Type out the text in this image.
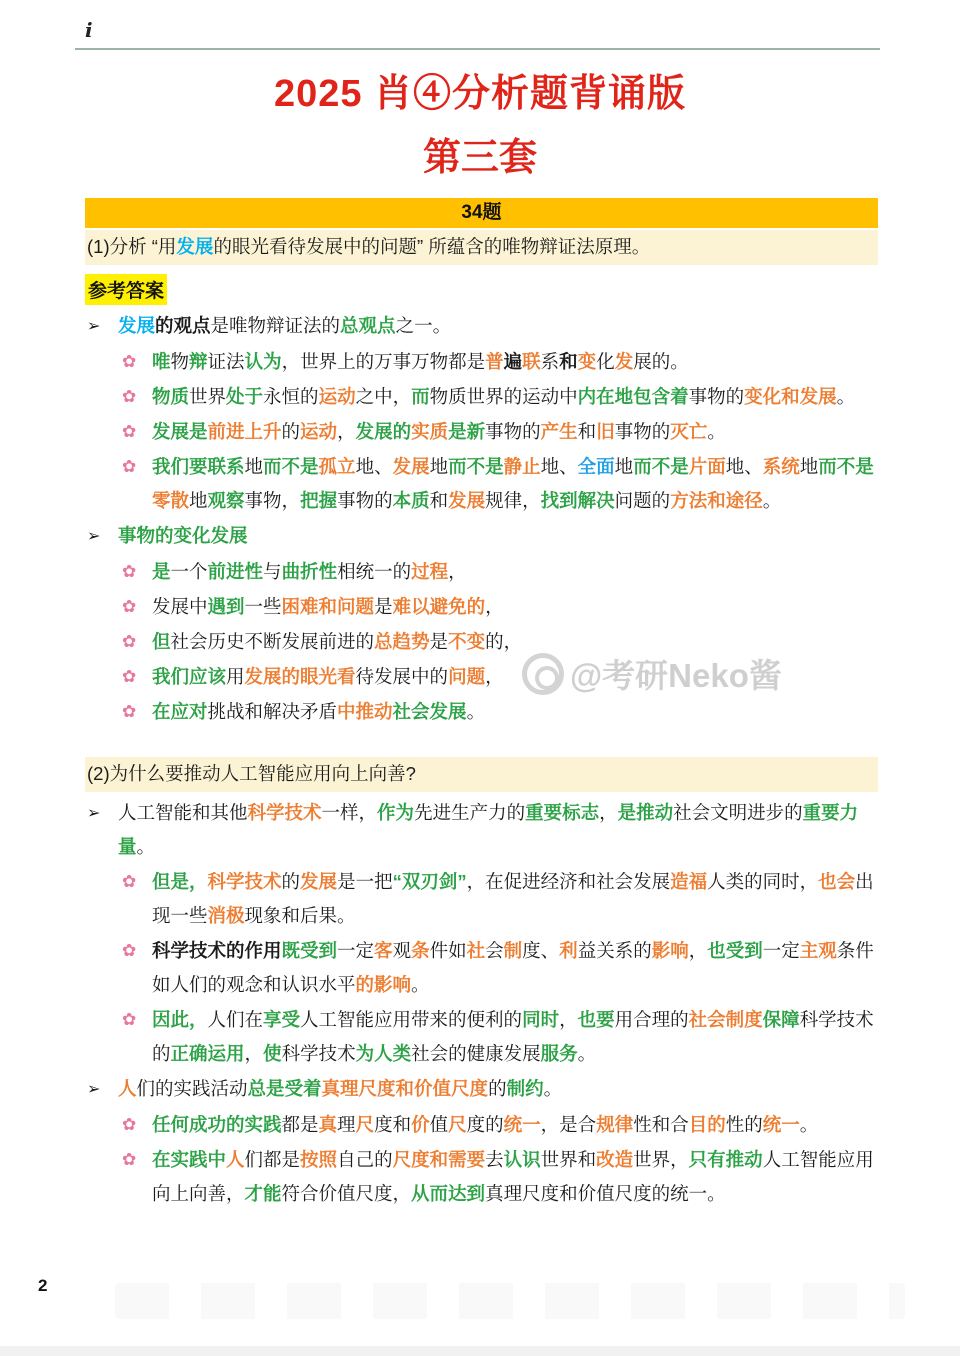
i
2025 肖④分析题背诵版
第三套
34题
(1)分析 “用发展的眼光看待发展中的问题” 所蕴含的唯物辩证法原理。
参考答案
➢ 发展的观点是唯物辩证法的总观点之一。
✿ 唯物辩证法认为，世界上的万事万物都是普遍联系和变化发展的。
✿ 物质世界处于永恒的运动之中，而物质世界的运动中内在地包含着事物的变化和发展。
✿ 发展是前进上升的运动，发展的实质是新事物的产生和旧事物的灭亡。
✿ 我们要联系地而不是孤立地、发展地而不是静止地、全面地而不是片面地、系统地而不是零散地观察事物，把握事物的本质和发展规律，找到解决问题的方法和途径。
➢ 事物的变化发展
✿ 是一个前进性与曲折性相统一的过程，
✿ 发展中遇到一些困难和问题是难以避免的，
✿ 但社会历史不断发展前进的总趋势是不变的，
✿ 我们应该用发展的眼光看待发展中的问题，
✿ 在应对挑战和解决矛盾中推动社会发展。
(2)为什么要推动人工智能应用向上向善?
➢ 人工智能和其他科学技术一样，作为先进生产力的重要标志，是推动社会文明进步的重要力量。
✿ 但是，科学技术的发展是一把“双刃剑”，在促进经济和社会发展造福人类的同时，也会出现一些消极现象和后果。
✿ 科学技术的作用既受到一定客观条件如社会制度、利益关系的影响，也受到一定主观条件如人们的观念和认识水平的影响。
✿ 因此，人们在享受人工智能应用带来的便利的同时，也要用合理的社会制度保障科学技术的正确运用，使科学技术为人类社会的健康发展服务。
➢ 人们的实践活动总是受着真理尺度和价值尺度的制约。
✿ 任何成功的实践都是真理尺度和价值尺度的统一，是合规律性和合目的性的统一。
✿ 在实践中人们都是按照自己的尺度和需要去认识世界和改造世界，只有推动人工智能应用向上向善，才能符合价值尺度，从而达到真理尺度和价值尺度的统一。
@考研Neko酱
2
